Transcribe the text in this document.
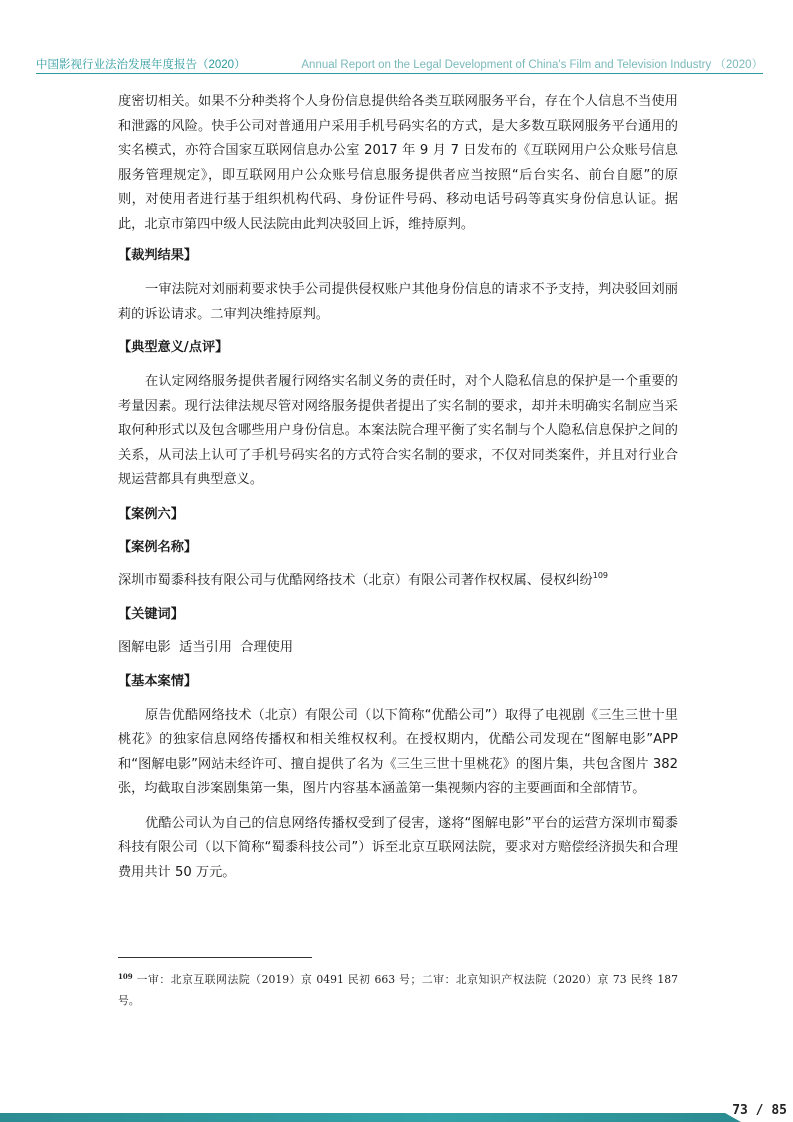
中国影视行业法治发展年度报告（2020）	Annual Report on the Legal Development of China's Film and Television Industry （2020）

度密切相关。如果不分种类将个人身份信息提供给各类互联网服务平台，存在个人信息不当使用和泄露的风险。快手公司对普通用户采用手机号码实名的方式，是大多数互联网服务平台通用的实名模式，亦符合国家互联网信息办公室 2017 年 9 月 7 日发布的《互联网用户公众账号信息服务管理规定》，即互联网用户公众账号信息服务提供者应当按照“后台实名、前台自愿”的原则，对使用者进行基于组织机构代码、身份证件号码、移动电话号码等真实身份信息认证。据此，北京市第四中级人民法院由此判决驳回上诉，维持原判。

【裁判结果】

一审法院对刘丽莉要求快手公司提供侵权账户其他身份信息的请求不予支持，判决驳回刘丽莉的诉讼请求。二审判决维持原判。

【典型意义/点评】

在认定网络服务提供者履行网络实名制义务的责任时，对个人隐私信息的保护是一个重要的考量因素。现行法律法规尽管对网络服务提供者提出了实名制的要求，却并未明确实名制应当采取何种形式以及包含哪些用户身份信息。本案法院合理平衡了实名制与个人隐私信息保护之间的关系，从司法上认可了手机号码实名的方式符合实名制的要求，不仅对同类案件，并且对行业合规运营都具有典型意义。

【案例六】

【案例名称】

深圳市蜀黍科技有限公司与优酷网络技术（北京）有限公司著作权权属、侵权纠纷$^{109}$

【关键词】

图解电影  适当引用  合理使用

【基本案情】

原告优酷网络技术（北京）有限公司（以下简称“优酷公司”）取得了电视剧《三生三世十里桃花》的独家信息网络传播权和相关维权权利。在授权期内，优酷公司发现在“图解电影”APP 和“图解电影”网站未经许可、擅自提供了名为《三生三世十里桃花》的图片集，共包含图片 382 张，均截取自涉案剧集第一集，图片内容基本涵盖第一集视频内容的主要画面和全部情节。

优酷公司认为自己的信息网络传播权受到了侵害，遂将“图解电影”平台的运营方深圳市蜀黍科技有限公司（以下简称“蜀黍科技公司”）诉至北京互联网法院，要求对方赔偿经济损失和合理费用共计 50 万元。

$^{109}$ 一审：北京互联网法院（2019）京 0491 民初 663 号；二审：北京知识产权法院（2020）京 73 民终 187 号。
73 / 85
